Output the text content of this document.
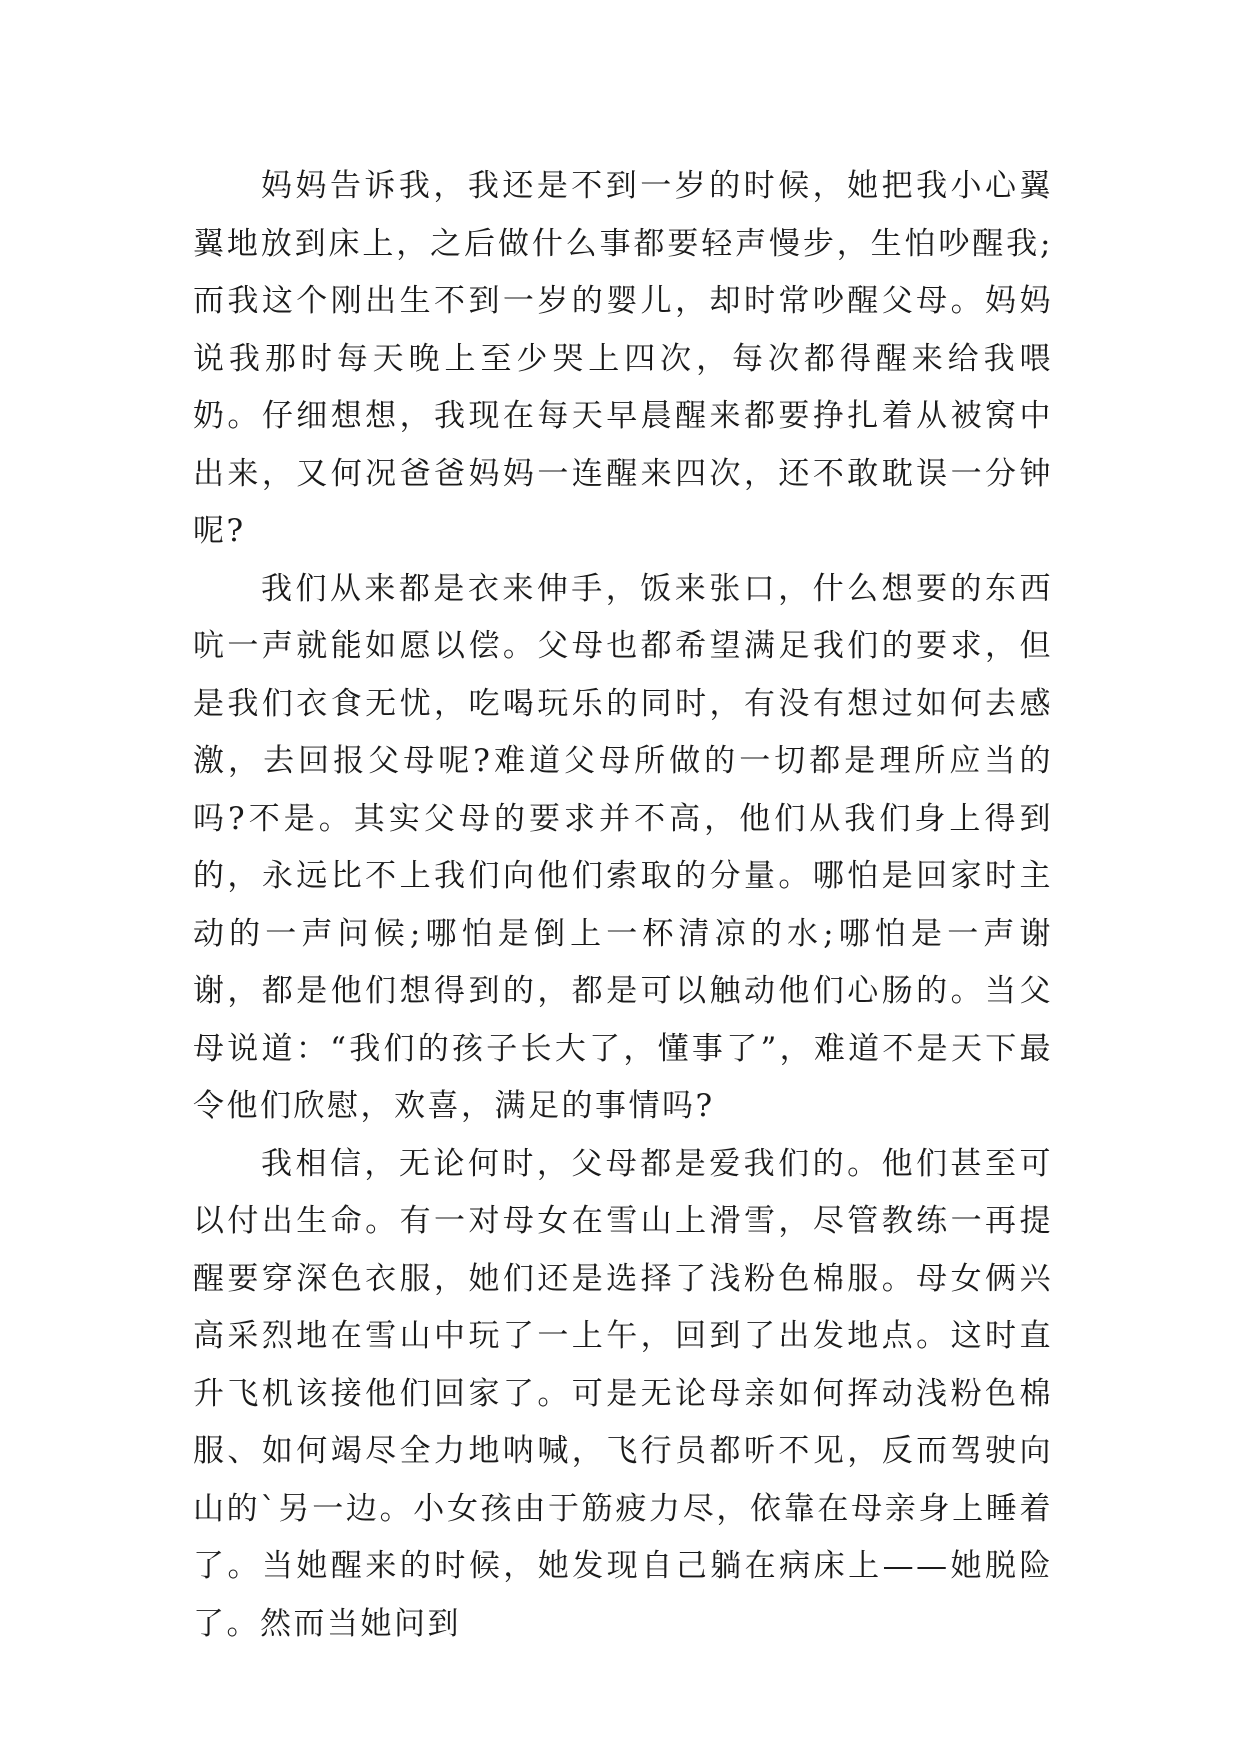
妈妈告诉我，我还是不到一岁的时候，她把我小心翼翼地放到床上，之后做什么事都要轻声慢步，生怕吵醒我;而我这个刚出生不到一岁的婴儿，却时常吵醒父母。妈妈说我那时每天晚上至少哭上四次，每次都得醒来给我喂奶。仔细想想，我现在每天早晨醒来都要挣扎着从被窝中出来，又何况爸爸妈妈一连醒来四次，还不敢耽误一分钟呢?

我们从来都是衣来伸手，饭来张口，什么想要的东西吭一声就能如愿以偿。父母也都希望满足我们的要求，但是我们衣食无忧，吃喝玩乐的同时，有没有想过如何去感激，去回报父母呢?难道父母所做的一切都是理所应当的吗?不是。其实父母的要求并不高，他们从我们身上得到的，永远比不上我们向他们索取的分量。哪怕是回家时主动的一声问候;哪怕是倒上一杯清凉的水;哪怕是一声谢谢，都是他们想得到的，都是可以触动他们心肠的。当父母说道：“我们的孩子长大了，懂事了”，难道不是天下最令他们欣慰，欢喜，满足的事情吗?

我相信，无论何时，父母都是爱我们的。他们甚至可以付出生命。有一对母女在雪山上滑雪，尽管教练一再提醒要穿深色衣服，她们还是选择了浅粉色棉服。母女俩兴高采烈地在雪山中玩了一上午，回到了出发地点。这时直升飞机该接他们回家了。可是无论母亲如何挥动浅粉色棉服、如何竭尽全力地呐喊，飞行员都听不见，反而驾驶向山的`另一边。小女孩由于筋疲力尽，依靠在母亲身上睡着了。当她醒来的时候，她发现自己躺在病床上——她脱险了。然而当她问到
